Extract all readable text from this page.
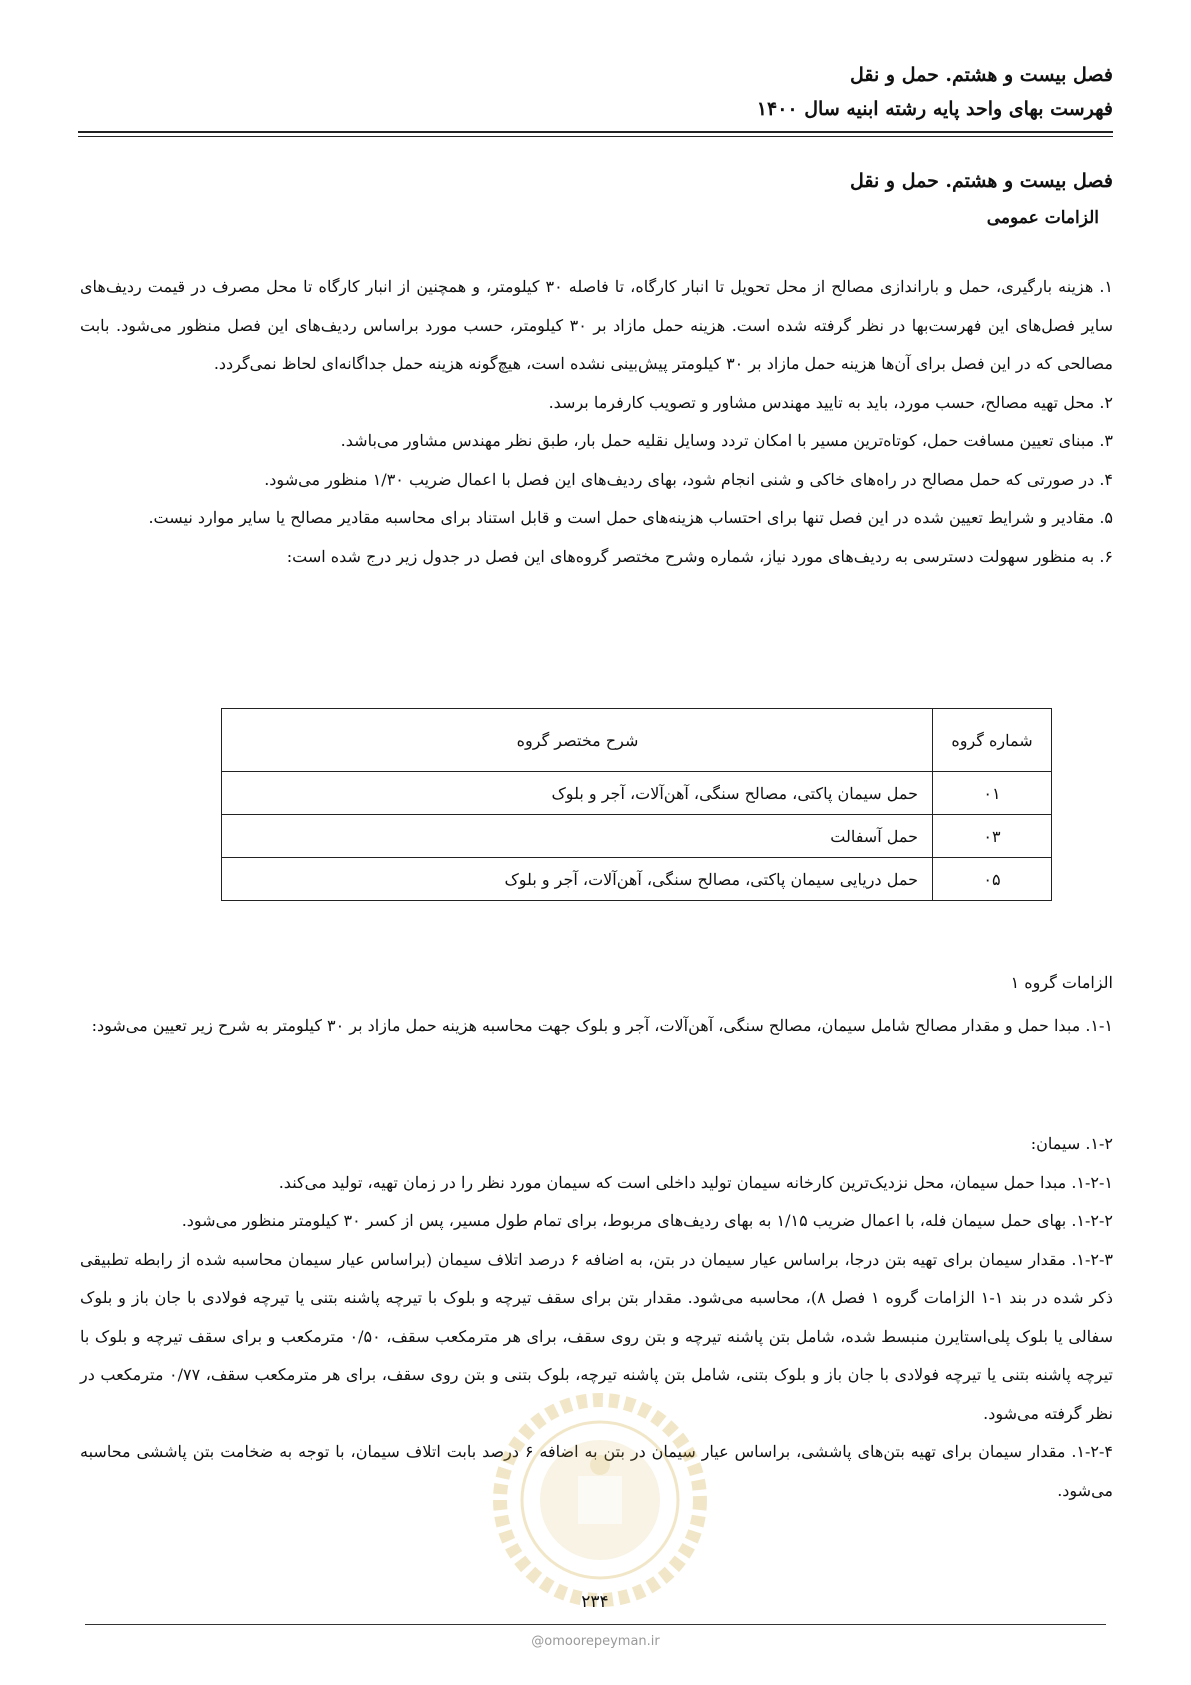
فصل بیست و هشتم. حمل و نقل
فهرست بهای واحد پایه رشته ابنیه سال ۱۴۰۰
فصل بیست و هشتم. حمل و نقل
الزامات عمومی

۱. هزینه بارگیری، حمل و باراندازی مصالح از محل تحویل تا انبار کارگاه، تا فاصله ۳۰ کیلومتر، و همچنین از انبار کارگاه تا محل مصرف در قیمت ردیف‌های سایر فصل‌های این فهرست‌بها در نظر گرفته شده است. هزینه حمل مازاد بر ۳۰ کیلومتر، حسب مورد براساس ردیف‌های این فصل منظور می‌شود. بابت مصالحی که در این فصل برای آن‌ها هزینه حمل مازاد بر ۳۰ کیلومتر پیش‌بینی نشده است، هیچ‌گونه هزینه حمل جداگانه‌ای لحاظ نمی‌گردد.

۲. محل تهیه مصالح، حسب مورد، باید به تایید مهندس مشاور و تصویب کارفرما برسد.

۳. مبنای تعیین مسافت حمل، کوتاه‌ترین مسیر با امکان تردد وسایل نقلیه حمل بار، طبق نظر مهندس مشاور می‌باشد.

۴. در صورتی که حمل مصالح در راه‌های خاکی و شنی انجام شود، بهای ردیف‌های این فصل با اعمال ضریب ۱/۳۰ منظور می‌شود.

۵. مقادیر و شرایط تعیین شده در این فصل تنها برای احتساب هزینه‌های حمل است و قابل استناد برای محاسبه مقادیر مصالح یا سایر موارد نیست.

۶. به منظور سهولت دسترسی به ردیف‌های مورد نیاز، شماره وشرح مختصر گروه‌های این فصل در جدول زیر درج شده است:

شماره گروه	شرح مختصر گروه
۰۱	حمل سیمان پاکتی، مصالح سنگی، آهن‌آلات، آجر و بلوک
۰۳	حمل آسفالت
۰۵	حمل دریایی سیمان پاکتی، مصالح سنگی، آهن‌آلات، آجر و بلوک
الزامات گروه ۱

۱-۱. مبدا حمل و مقدار مصالح شامل سیمان، مصالح سنگی، آهن‌آلات، آجر و بلوک جهت محاسبه هزینه حمل مازاد بر ۳۰ کیلومتر به شرح زیر تعیین می‌شود:

۱-۲. سیمان:

۱-۲-۱. مبدا حمل سیمان، محل نزدیک‌ترین کارخانه سیمان تولید داخلی است که سیمان مورد نظر را در زمان تهیه، تولید می‌کند.

۱-۲-۲. بهای حمل سیمان فله، با اعمال ضریب ۱/۱۵ به بهای ردیف‌های مربوط، برای تمام طول مسیر، پس از کسر ۳۰ کیلومتر منظور می‌شود.

۱-۲-۳. مقدار سیمان برای تهیه بتن درجا، براساس عیار سیمان در بتن، به اضافه ۶ درصد اتلاف سیمان (براساس عیار سیمان محاسبه شده از رابطه تطبیقی ذکر شده در بند ۱-۱ الزامات گروه ۱ فصل ۸)، محاسبه می‌شود. مقدار بتن برای سقف تیرچه و بلوک با تیرچه پاشنه بتنی یا تیرچه فولادی با جان باز و بلوک سفالی یا بلوک پلی‌استایرن منبسط شده، شامل بتن پاشنه تیرچه و بتن روی سقف، برای هر مترمکعب سقف، ۰/۵۰ مترمکعب و برای سقف تیرچه و بلوک با تیرچه پاشنه بتنی یا تیرچه فولادی با جان باز و بلوک بتنی، شامل بتن پاشنه تیرچه، بلوک بتنی و بتن روی سقف، برای هر مترمکعب سقف، ۰/۷۷ مترمکعب در نظر گرفته می‌شود.

۱-۲-۴. مقدار سیمان برای تهیه بتن‌های پاششی، براساس عیار سیمان در بتن به اضافه ۶ درصد بابت اتلاف سیمان، با توجه به ضخامت بتن پاششی محاسبه می‌شود.

۲۳۴
@omoorepeyman.ir
